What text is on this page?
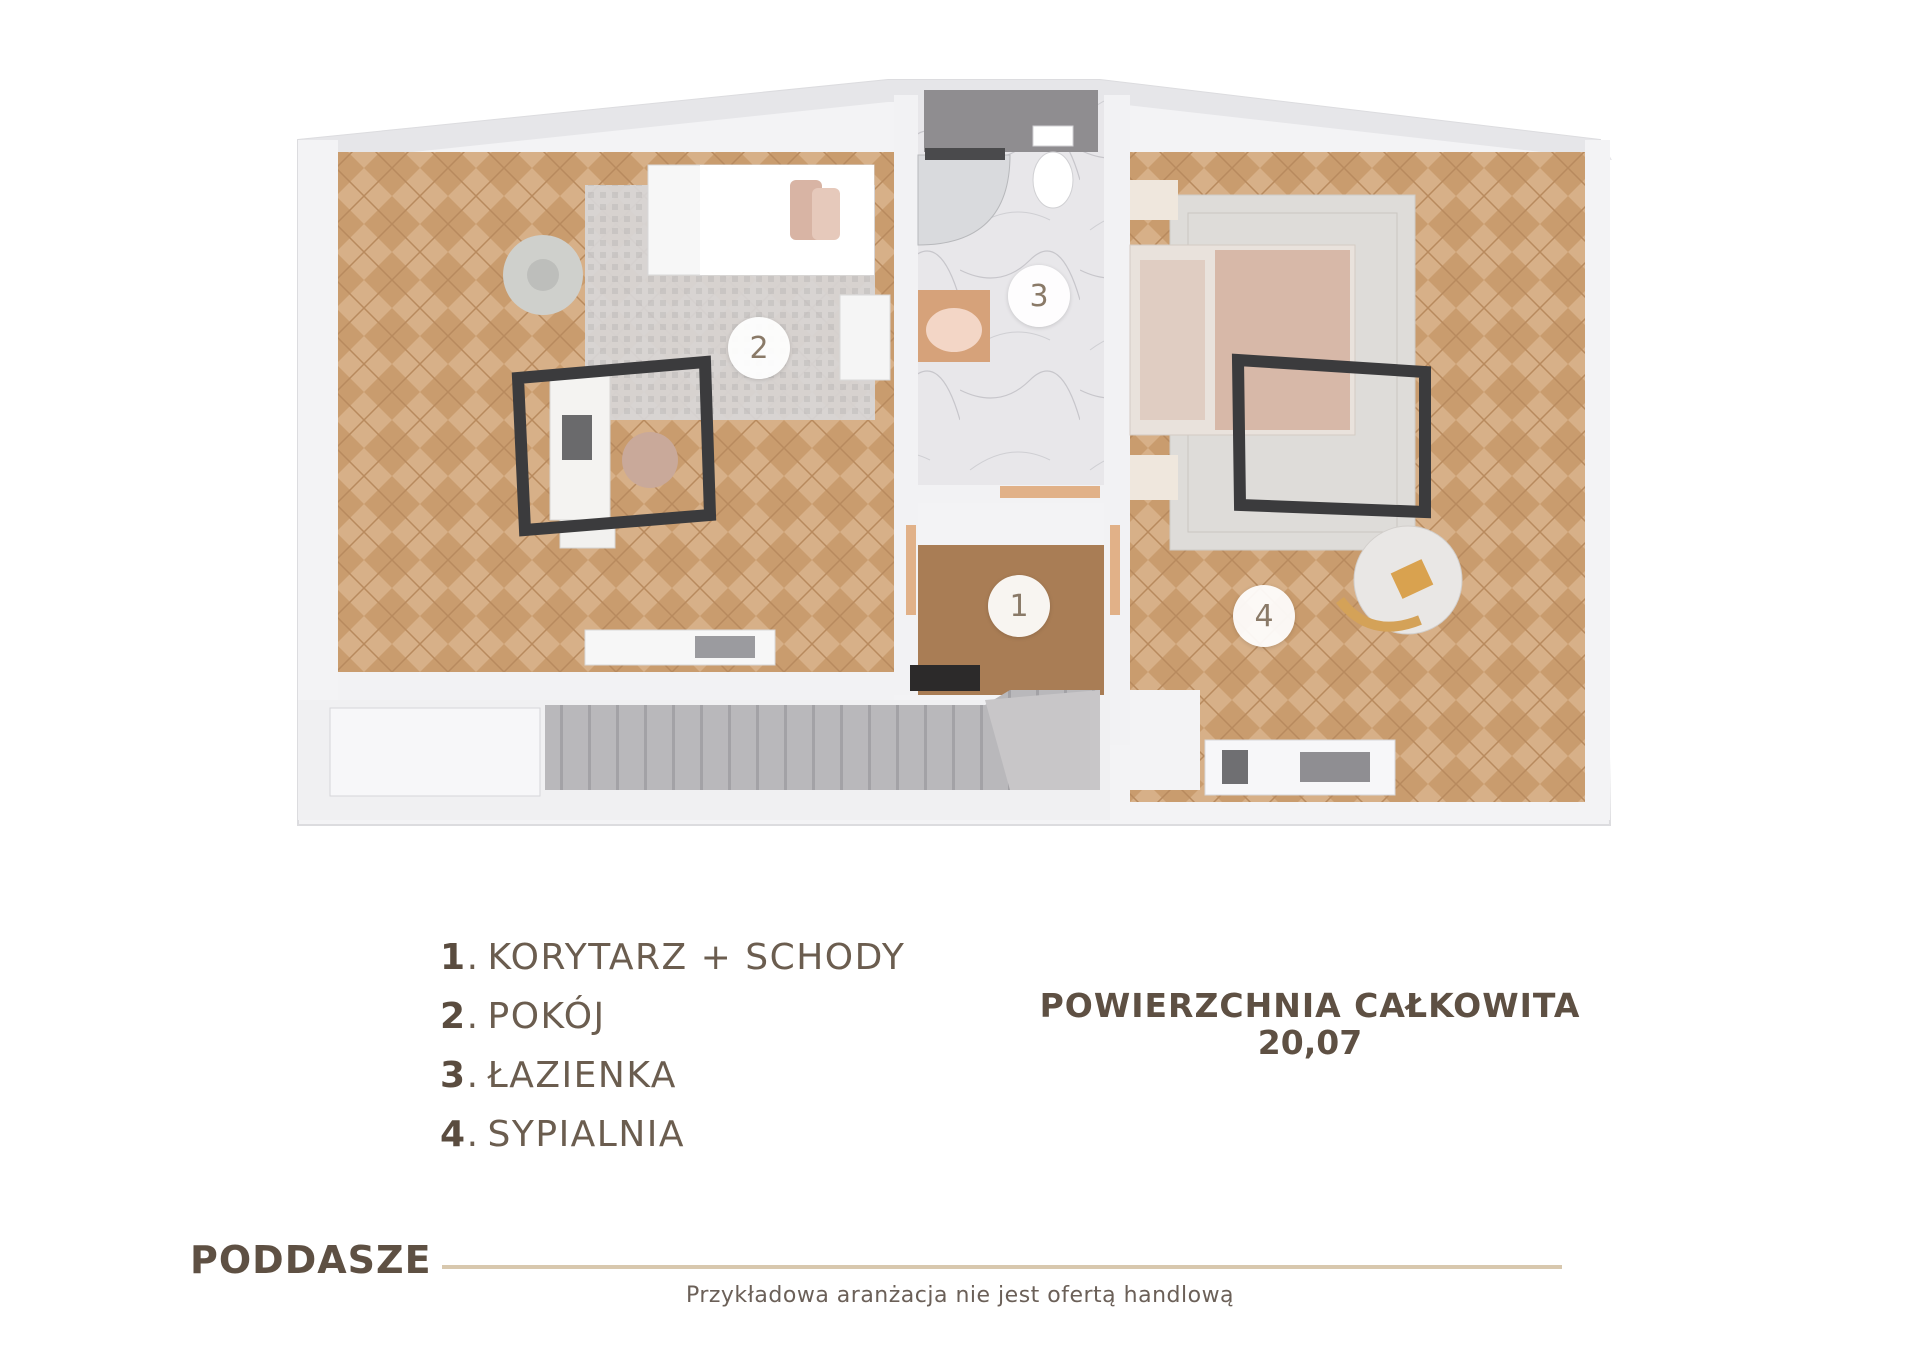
2
3
1	4
1 . KORYTARZ + SCHODY
2 . POKÓJ
3 . ŁAZIENKA
4 . SYPIALNIA
POWIERZCHNIA CAŁKOWITA
20,07
PODDASZE
Przykładowa aranżacja nie jest ofertą handlową
